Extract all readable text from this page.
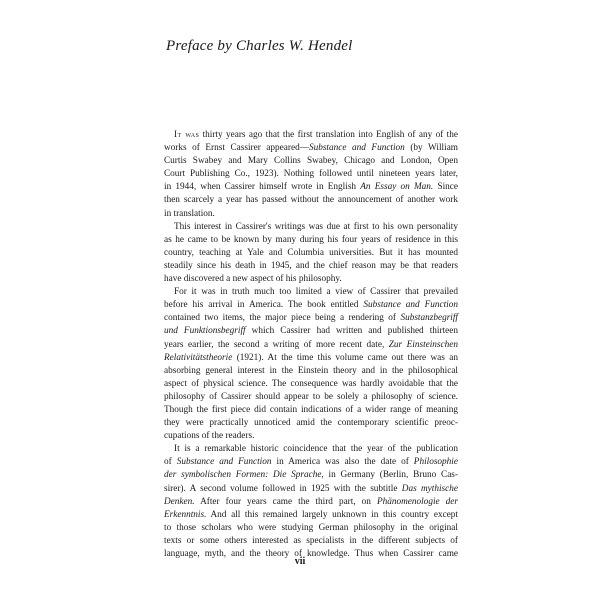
Preface by Charles W. Hendel
It was thirty years ago that the first translation into English of any of the
works of Ernst Cassirer appeared—Substance and Function (by William
Curtis Swabey and Mary Collins Swabey, Chicago and London, Open
Court Publishing Co., 1923). Nothing followed until nineteen years later,
in 1944, when Cassirer himself wrote in English An Essay on Man. Since
then scarcely a year has passed without the announcement of another work
in translation.
This interest in Cassirer's writings was due at first to his own personality
as he came to be known by many during his four years of residence in this
country, teaching at Yale and Columbia universities. But it has mounted
steadily since his death in 1945, and the chief reason may be that readers
have discovered a new aspect of his philosophy.
For it was in truth much too limited a view of Cassirer that prevailed
before his arrival in America. The book entitled Substance and Function
contained two items, the major piece being a rendering of Substanzbegriff
und Funktionsbegriff which Cassirer had written and published thirteen
years earlier, the second a writing of more recent date, Zur Einsteinschen
Relativitätstheorie (1921). At the time this volume came out there was an
absorbing general interest in the Einstein theory and in the philosophical
aspect of physical science. The consequence was hardly avoidable that the
philosophy of Cassirer should appear to be solely a philosophy of science.
Though the first piece did contain indications of a wider range of meaning
they were practically unnoticed amid the contemporary scientific preoc-
cupations of the readers.
It is a remarkable historic coincidence that the year of the publication
of Substance and Function in America was also the date of Philosophie
der symbolischen Formen: Die Sprache, in Germany (Berlin, Bruno Cas-
sirer). A second volume followed in 1925 with the subtitle Das mythische
Denken. After four years came the third part, on Phänomenologie der
Erkenntnis. And all this remained largely unknown in this country except
to those scholars who were studying German philosophy in the original
texts or some others interested as specialists in the different subjects of
language, myth, and the theory of knowledge. Thus when Cassirer came
vii
